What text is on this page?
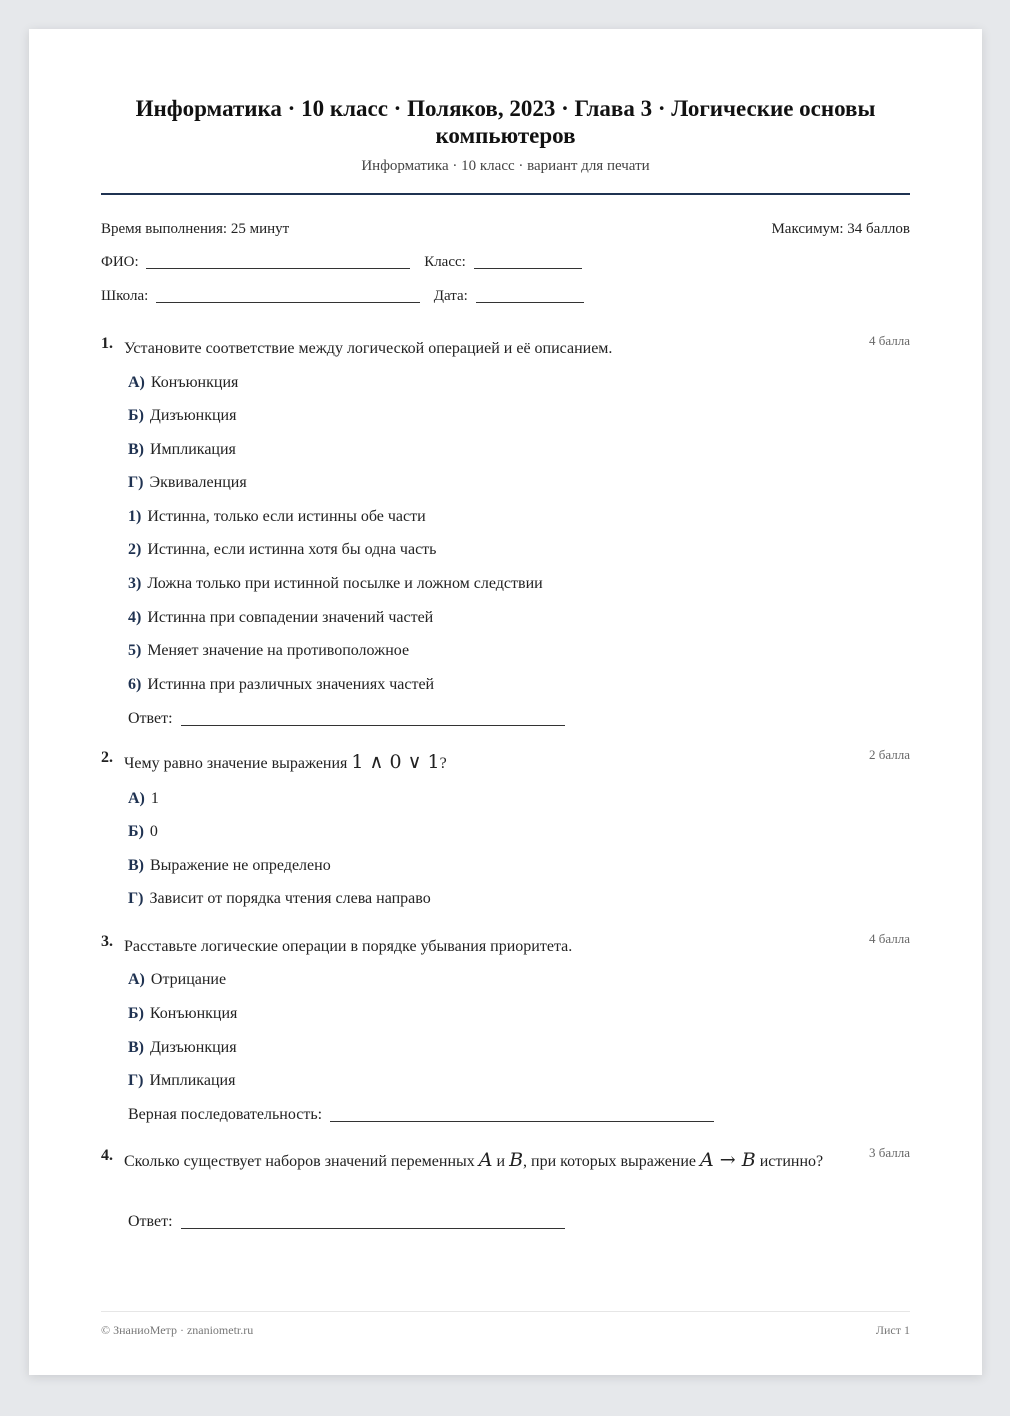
Информатика · 10 класс · Поляков, 2023 · Глава 3 · Логические основы компьютеров
Информатика · 10 класс · вариант для печати
Время выполнения: 25 минут	Максимум: 34 баллов
ФИО:	Класс:
Школа:	Дата:
1. Установите соответствие между логической операцией и её описанием.	4 балла
А) Конъюнкция
Б) Дизъюнкция
В) Импликация
Г) Эквиваленция
1) Истинна, только если истинны обе части
2) Истинна, если истинна хотя бы одна часть
3) Ложна только при истинной посылке и ложном следствии
4) Истинна при совпадении значений частей
5) Меняет значение на противоположное
6) Истинна при различных значениях частей
Ответ:
2. Чему равно значение выражения 1 ∧ 0 ∨ 1?
2 балла
А) 1
Б) 0
В) Выражение не определено
Г) Зависит от порядка чтения слева направо
3. Расставьте логические операции в порядке убывания приоритета.	4 балла
А) Отрицание
Б) Конъюнкция
В) Дизъюнкция
Г) Импликация
Верная последовательность:
4. Сколько существует наборов значений переменных A и B, при которых выражение A → B истинно?
3 балла
Ответ:
© ЗнаниоМетр · znaniometr.ru	Лист 1
